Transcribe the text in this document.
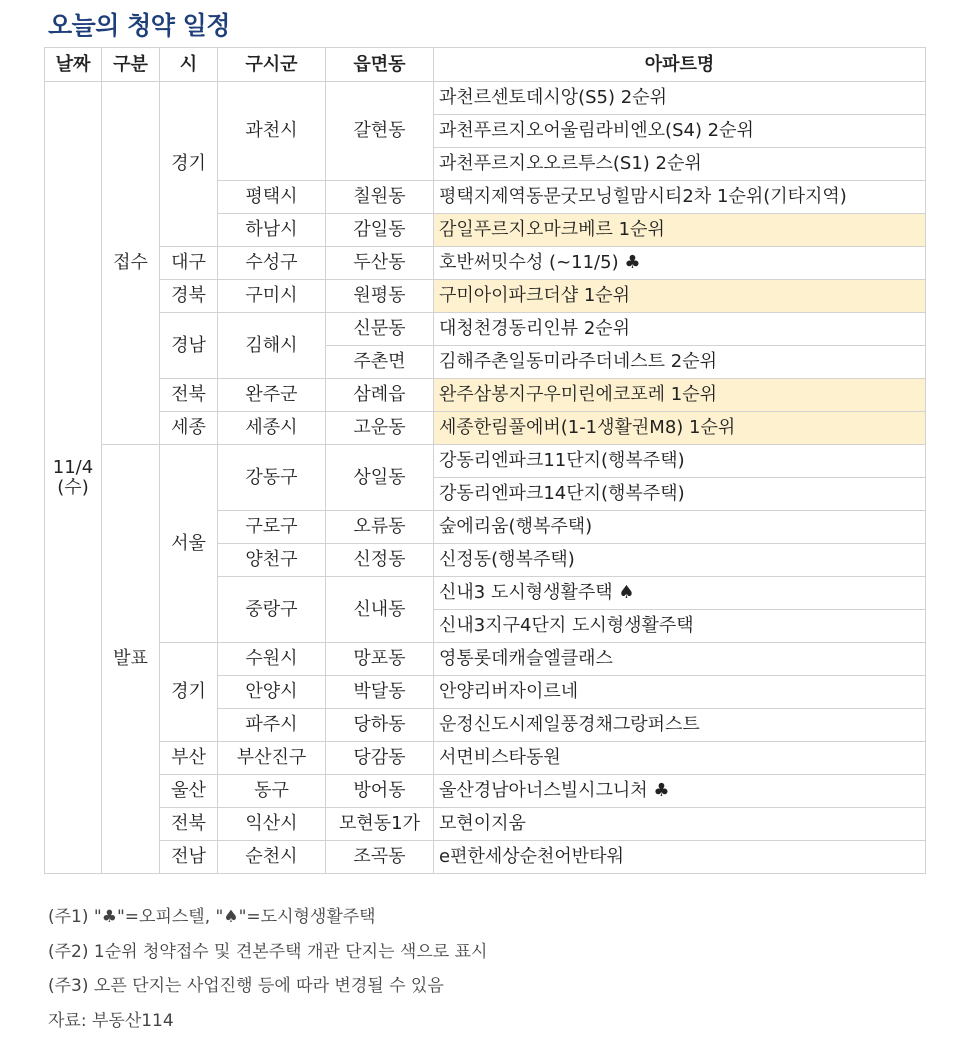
오늘의 청약 일정
날짜	구분	시	구시군	읍면동	아파트명
11/4
(수)	접수	경기	과천시	갈현동	과천르센토데시앙(S5) 2순위
					과천푸르지오어울림라비엔오(S4) 2순위
					과천푸르지오오르투스(S1) 2순위
			평택시	칠원동	평택지제역동문굿모닝힐맘시티2차 1순위(기타지역)
			하남시	감일동	감일푸르지오마크베르 1순위
		대구	수성구	두산동	호반써밋수성 (~11/5) ♣
		경북	구미시	원평동	구미아이파크더샵 1순위
		경남	김해시	신문동	대청천경동리인뷰 2순위
				주촌면	김해주촌일동미라주더네스트 2순위
		전북	완주군	삼례읍	완주삼봉지구우미린에코포레 1순위
		세종	세종시	고운동	세종한림풀에버(1-1생활권M8) 1순위
	발표	서울	강동구	상일동	강동리엔파크11단지(행복주택)
					강동리엔파크14단지(행복주택)
			구로구	오류동	숲에리움(행복주택)
			양천구	신정동	신정동(행복주택)
			중랑구	신내동	신내3 도시형생활주택 ♠
					신내3지구4단지 도시형생활주택
		경기	수원시	망포동	영통롯데캐슬엘클래스
			안양시	박달동	안양리버자이르네
			파주시	당하동	운정신도시제일풍경채그랑퍼스트
		부산	부산진구	당감동	서면비스타동원
		울산	동구	방어동	울산경남아너스빌시그니처 ♣
		전북	익산시	모현동1가	모현이지움
		전남	순천시	조곡동	e편한세상순천어반타워
(주1) "♣"=오피스텔, "♠"=도시형생활주택
(주2) 1순위 청약접수 및 견본주택 개관 단지는 색으로 표시
(주3) 오픈 단지는 사업진행 등에 따라 변경될 수 있음
자료: 부동산114
